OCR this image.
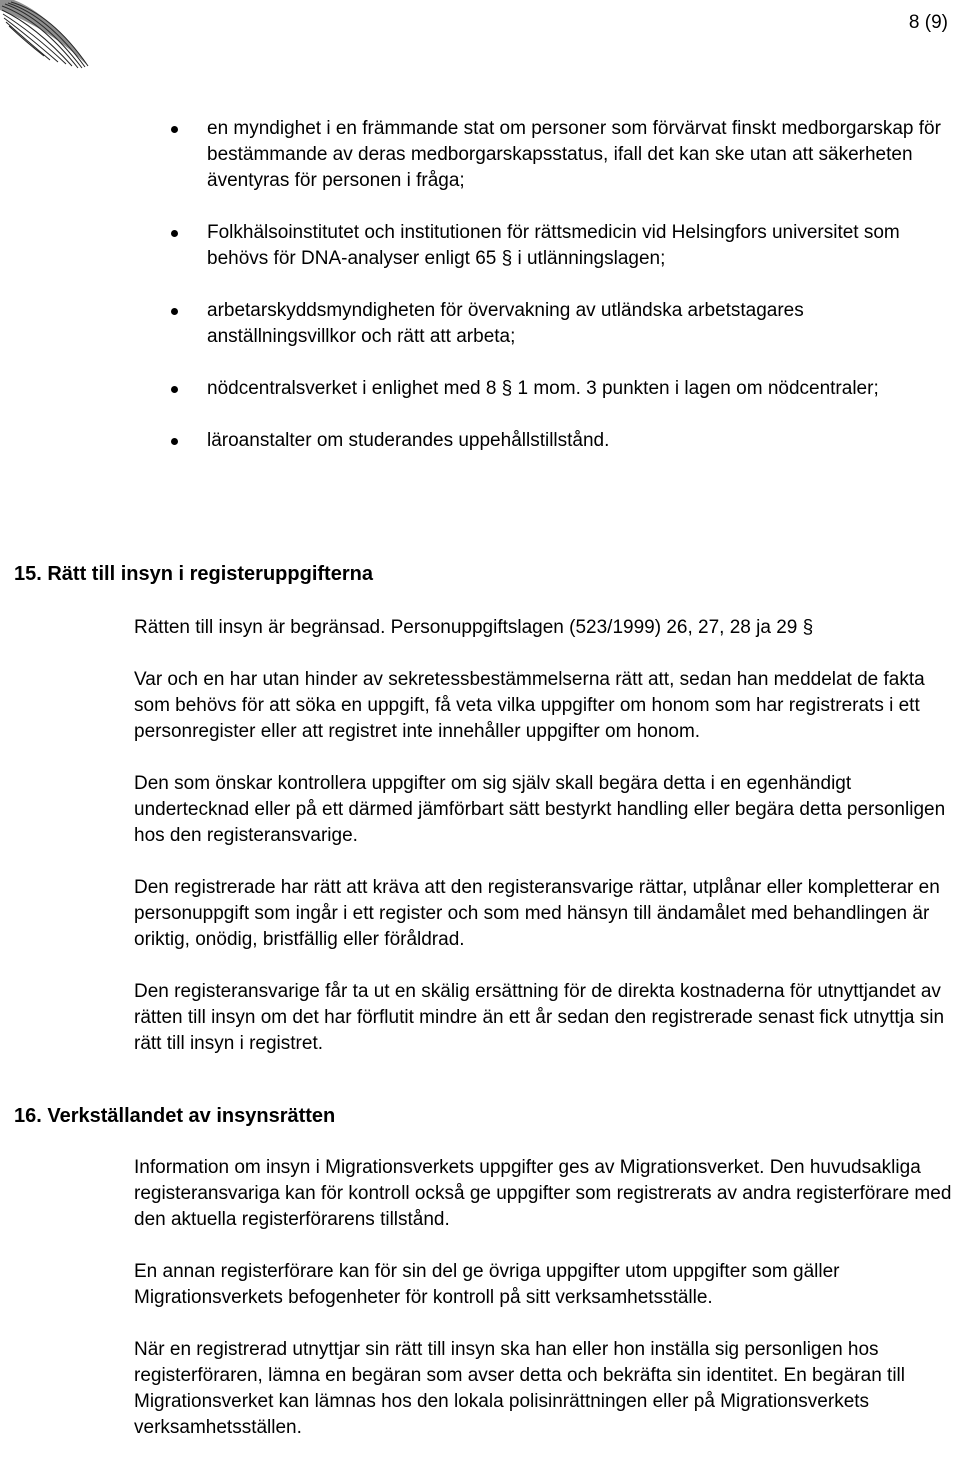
8 (9)
en myndighet i en främmande stat om personer som förvärvat finskt medborgarskap för bestämmande av deras medborgarskapsstatus, ifall det kan ske utan att säkerheten äventyras för personen i fråga;
Folkhälsoinstitutet och institutionen för rättsmedicin vid Helsingfors universitet som behövs för DNA-analyser enligt 65 § i utlänningslagen;
arbetarskyddsmyndigheten för övervakning av utländska arbetstagares anställningsvillkor och rätt att arbeta;
nödcentralsverket i enlighet med 8 § 1 mom. 3 punkten i lagen om nödcentraler;
läroanstalter om studerandes uppehållstillstånd.
15. Rätt till insyn i registeruppgifterna

Rätten till insyn är begränsad. Personuppgiftslagen (523/1999) 26, 27, 28 ja 29 §

Var och en har utan hinder av sekretessbestämmelserna rätt att, sedan han meddelat de fakta som behövs för att söka en uppgift, få veta vilka uppgifter om honom som har registrerats i ett personregister eller att registret inte innehåller uppgifter om honom.

Den som önskar kontrollera uppgifter om sig själv skall begära detta i en egenhändigt undertecknad eller på ett därmed jämförbart sätt bestyrkt handling eller begära detta personligen hos den registeransvarige.

Den registrerade har rätt att kräva att den registeransvarige rättar, utplånar eller kompletterar en personuppgift som ingår i ett register och som med hänsyn till ändamålet med behandlingen är oriktig, onödig, bristfällig eller föråldrad.

Den registeransvarige får ta ut en skälig ersättning för de direkta kostnaderna för utnyttjandet av rätten till insyn om det har förflutit mindre än ett år sedan den registrerade senast fick utnyttja sin rätt till insyn i registret.

16. Verkställandet av insynsrätten

Information om insyn i Migrationsverkets uppgifter ges av Migrationsverket. Den huvudsakliga registeransvariga kan för kontroll också ge uppgifter som registrerats av andra registerförare med den aktuella registerförarens tillstånd.

En annan registerförare kan för sin del ge övriga uppgifter utom uppgifter som gäller Migrationsverkets befogenheter för kontroll på sitt verksamhetsställe.

När en registrerad utnyttjar sin rätt till insyn ska han eller hon inställa sig personligen hos registerföraren, lämna en begäran som avser detta och bekräfta sin identitet. En begäran till Migrationsverket kan lämnas hos den lokala polisinrättningen eller på Migrationsverkets verksamhetsställen.
